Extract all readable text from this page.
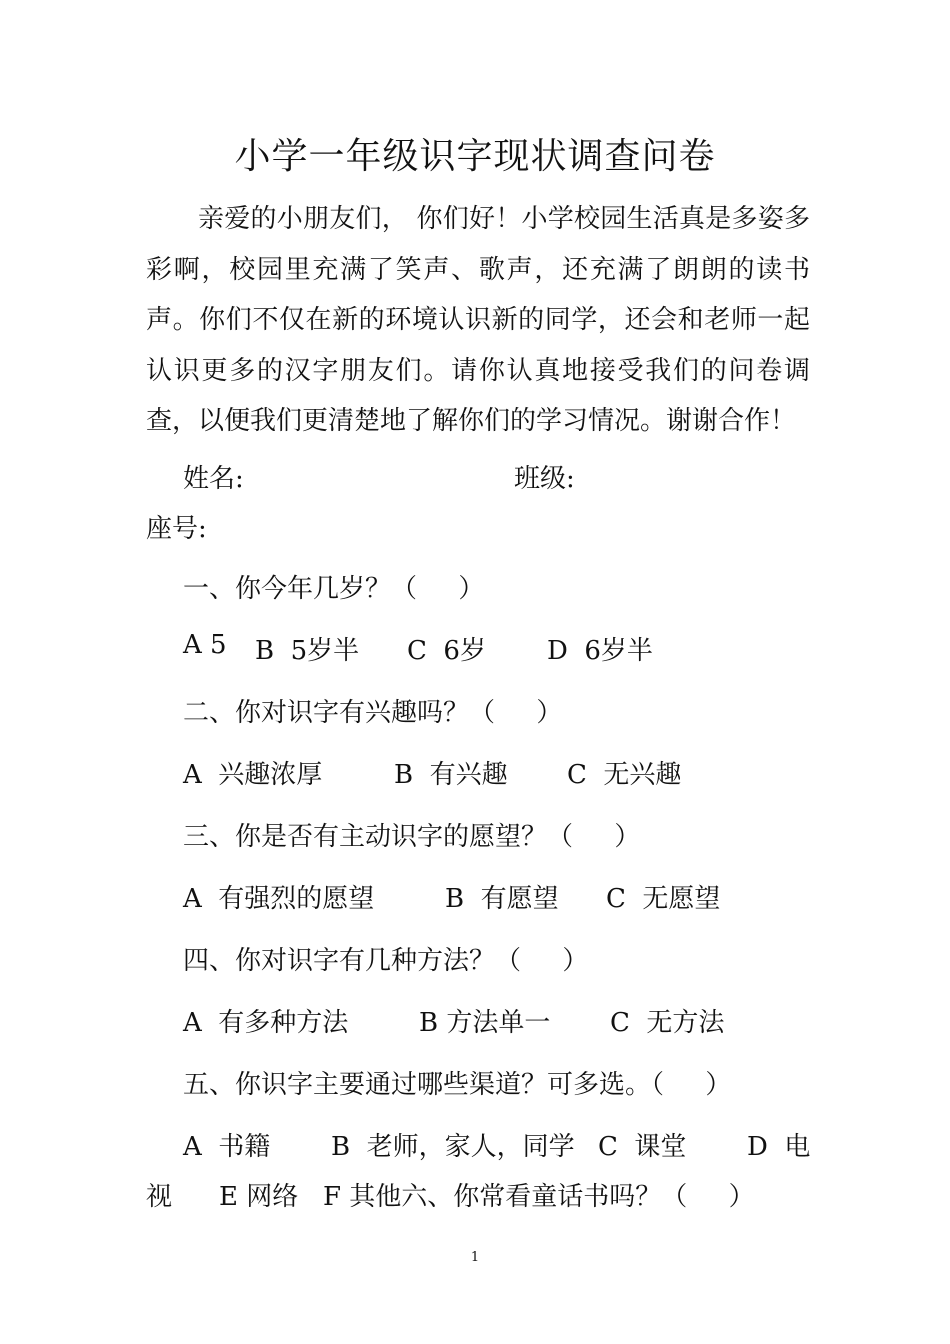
小学一年级识字现状调查问卷
亲爱的小朋友们， 你们好！小学校园生活真是多姿多彩啊，校园里充满了笑声、歌声，还充满了朗朗的读书声。你们不仅在新的环境认识新的同学，还会和老师一起认识更多的汉字朋友们。请你认真地接受我们的问卷调查，以便我们更清楚地了解你们的学习情况。谢谢合作！
姓名:	班级:
座号:
一、你今年几岁？（     ）
A 5 B  5岁半 C  6岁 D  6岁半
二、你对识字有兴趣吗？（     ）
A  兴趣浓厚	B  有兴趣 C  无兴趣
三、你是否有主动识字的愿望？（     ）
A  有强烈的愿望	B  有愿望 C  无愿望
四、你对识字有几种方法？（     ）
A  有多种方法	B 方法单一 C  无方法
五、你识字主要通过哪些渠道？可多选。（     ）
A  书籍 B  老师，家人，同学 C  课堂 D  电
视 E 网络 F 其他六、你常看童话书吗？（     ）
1
